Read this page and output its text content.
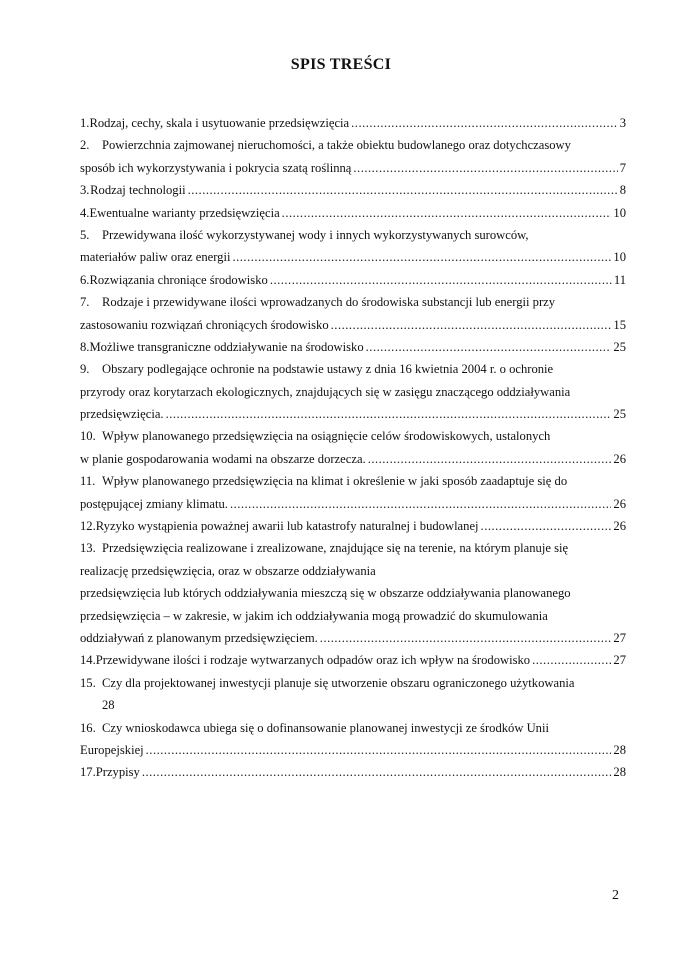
SPIS TREŚCI
1. Rodzaj, cechy, skala i usytuowanie przedsięwzięcia .....	3
2. Powierzchnia zajmowanej nieruchomości, a także obiektu budowlanego oraz dotychczasowy
sposób ich wykorzystywania i pokrycia szatą roślinną .....	7
3. Rodzaj technologii .....	8
4. Ewentualne warianty przedsięwzięcia .....	10
5. Przewidywana ilość wykorzystywanej wody i innych wykorzystywanych surowców,
materiałów paliw oraz energii .....	10
6. Rozwiązania chroniące środowisko .....	11
7. Rodzaje i przewidywane ilości wprowadzanych do środowiska substancji lub energii przy
zastosowaniu rozwiązań chroniących środowisko .....	15
8. Możliwe transgraniczne oddziaływanie na środowisko .....	25
9. Obszary podlegające ochronie na podstawie ustawy z dnia 16 kwietnia 2004 r. o ochronie
przyrody oraz korytarzach ekologicznych, znajdujących się w zasięgu znaczącego oddziaływania
przedsięwzięcia. .....	25
10. Wpływ planowanego przedsięwzięcia na osiągnięcie celów środowiskowych, ustalonych
w planie gospodarowania wodami na obszarze dorzecza. .....	26
11. Wpływ planowanego przedsięwzięcia na klimat i określenie w jaki sposób zaadaptuje się do
postępującej zmiany klimatu. .....	26
12. Ryzyko wystąpienia poważnej awarii lub katastrofy naturalnej i budowlanej .....	26
13. Przedsięwzięcia realizowane i zrealizowane, znajdujące się na terenie, na którym planuje się
realizację przedsięwzięcia, oraz w obszarze oddziaływania
przedsięwzięcia lub których oddziaływania mieszczą się w obszarze oddziaływania planowanego
przedsięwzięcia – w zakresie, w jakim ich oddziaływania mogą prowadzić do skumulowania
oddziaływań z planowanym przedsięwzięciem. .....	27
14. Przewidywane ilości i rodzaje wytwarzanych odpadów oraz ich wpływ na środowisko .....	27
15. Czy dla projektowanej inwestycji planuje się utworzenie obszaru ograniczonego użytkowania
28
16. Czy wnioskodawca ubiega się o dofinansowanie planowanej inwestycji ze środków Unii
Europejskiej .....	28
17. Przypisy .....	28
2
